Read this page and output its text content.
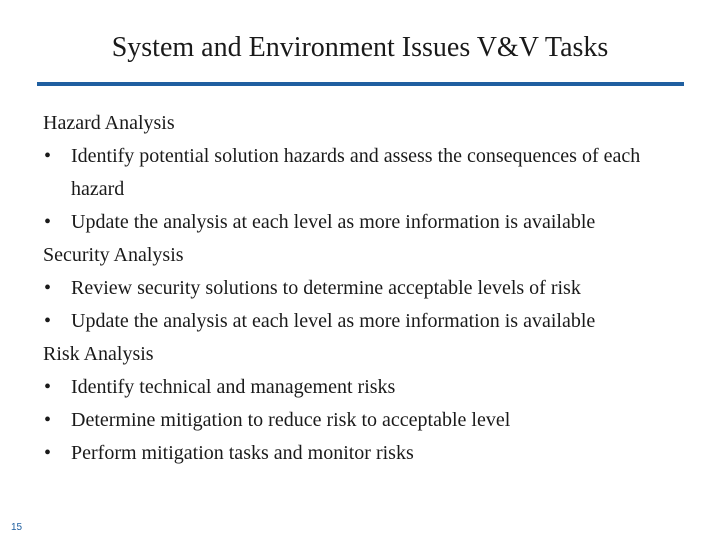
System and Environment Issues V&V Tasks
Hazard Analysis
• Identify potential solution hazards and assess the consequences of each hazard
• Update the analysis at each level as more information is available
Security Analysis
• Review security solutions to determine acceptable levels of risk
• Update the analysis at each level as more information is available
Risk Analysis
• Identify technical and management risks
• Determine mitigation to reduce risk to acceptable level
• Perform mitigation tasks and monitor risks
15
